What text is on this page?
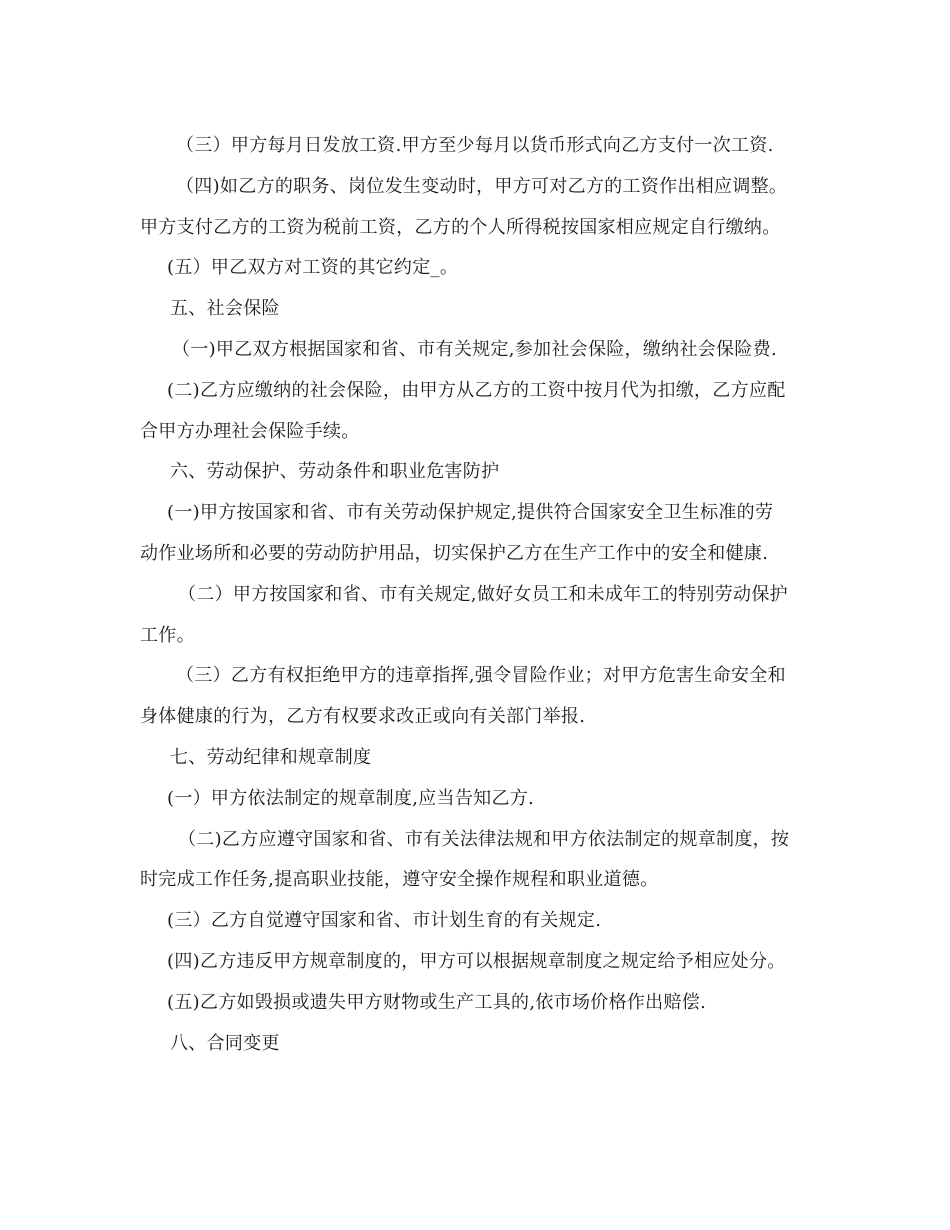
（三）甲方每月日发放工资.甲方至少每月以货币形式向乙方支付一次工资.
（四)如乙方的职务、岗位发生变动时，甲方可对乙方的工资作出相应调整。
甲方支付乙方的工资为税前工资，乙方的个人所得税按国家相应规定自行缴纳。
(五）甲乙双方对工资的其它约定_。
五、社会保险
（一)甲乙双方根据国家和省、市有关规定,参加社会保险，缴纳社会保险费.
(二)乙方应缴纳的社会保险，由甲方从乙方的工资中按月代为扣缴，乙方应配
合甲方办理社会保险手续。
六、劳动保护、劳动条件和职业危害防护
(一)甲方按国家和省、市有关劳动保护规定,提供符合国家安全卫生标准的劳
动作业场所和必要的劳动防护用品，切实保护乙方在生产工作中的安全和健康.
（二）甲方按国家和省、市有关规定,做好女员工和未成年工的特别劳动保护
工作。
（三）乙方有权拒绝甲方的违章指挥,强令冒险作业；对甲方危害生命安全和
身体健康的行为，乙方有权要求改正或向有关部门举报.
七、劳动纪律和规章制度
(一）甲方依法制定的规章制度,应当告知乙方.
（二)乙方应遵守国家和省、市有关法律法规和甲方依法制定的规章制度，按
时完成工作任务,提高职业技能，遵守安全操作规程和职业道德。
(三）乙方自觉遵守国家和省、市计划生育的有关规定.
(四)乙方违反甲方规章制度的，甲方可以根据规章制度之规定给予相应处分。
(五)乙方如毁损或遗失甲方财物或生产工具的,依市场价格作出赔偿.
八、合同变更
